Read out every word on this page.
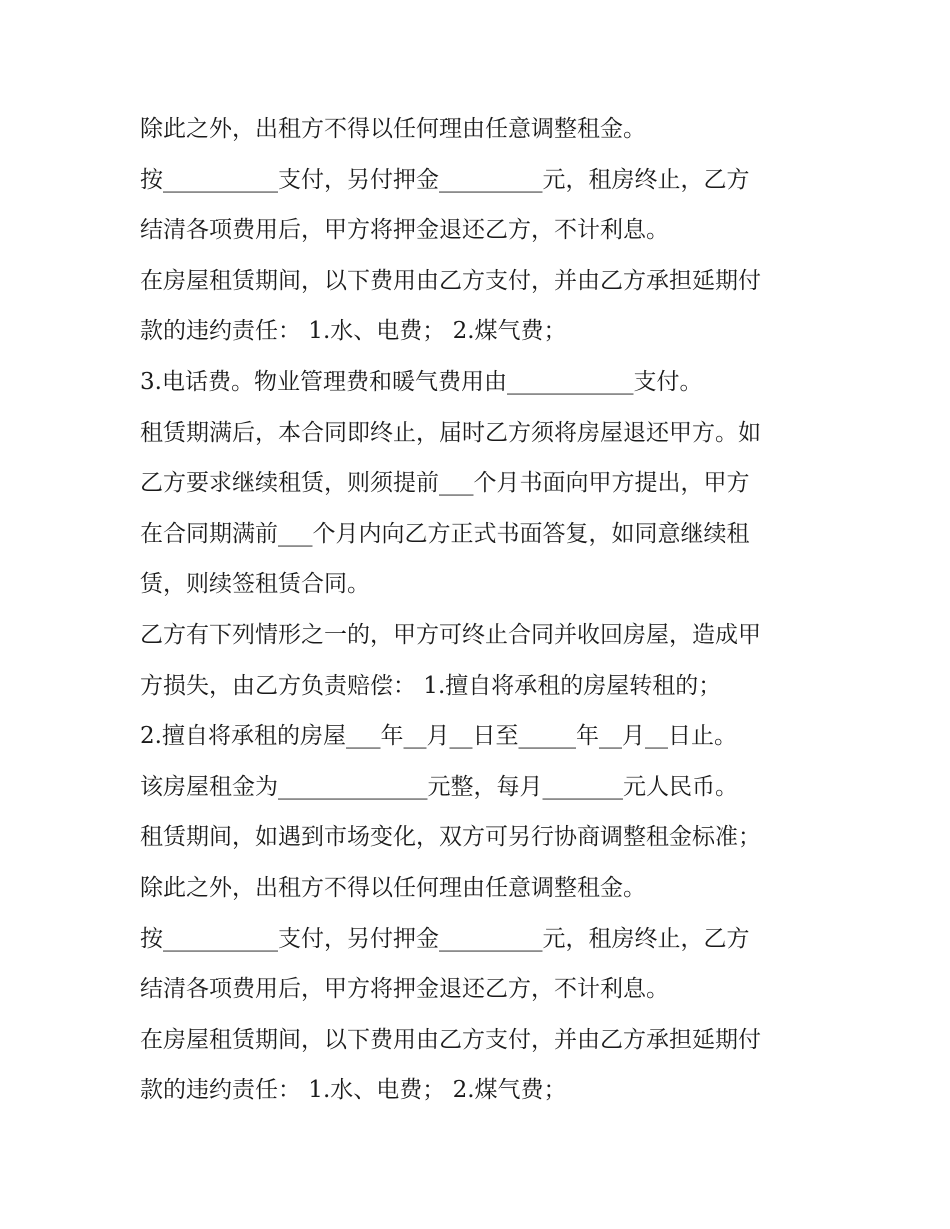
除此之外，出租方不得以任何理由任意调整租金。
按__________支付，另付押金_________元，租房终止，乙方
结清各项费用后，甲方将押金退还乙方，不计利息。
在房屋租赁期间，以下费用由乙方支付，并由乙方承担延期付
款的违约责任： 1.水、电费； 2.煤气费；
3.电话费。物业管理费和暖气费用由___________支付。
租赁期满后，本合同即终止，届时乙方须将房屋退还甲方。如
乙方要求继续租赁，则须提前___个月书面向甲方提出，甲方
在合同期满前___个月内向乙方正式书面答复，如同意继续租
赁，则续签租赁合同。
乙方有下列情形之一的，甲方可终止合同并收回房屋，造成甲
方损失，由乙方负责赔偿： 1.擅自将承租的房屋转租的；
2.擅自将承租的房屋___年__月__日至_____年__月__日止。
该房屋租金为_____________元整，每月_______元人民币。
租赁期间，如遇到市场变化，双方可另行协商调整租金标准；
除此之外，出租方不得以任何理由任意调整租金。
按__________支付，另付押金_________元，租房终止，乙方
结清各项费用后，甲方将押金退还乙方，不计利息。
在房屋租赁期间，以下费用由乙方支付，并由乙方承担延期付
款的违约责任： 1.水、电费； 2.煤气费；
